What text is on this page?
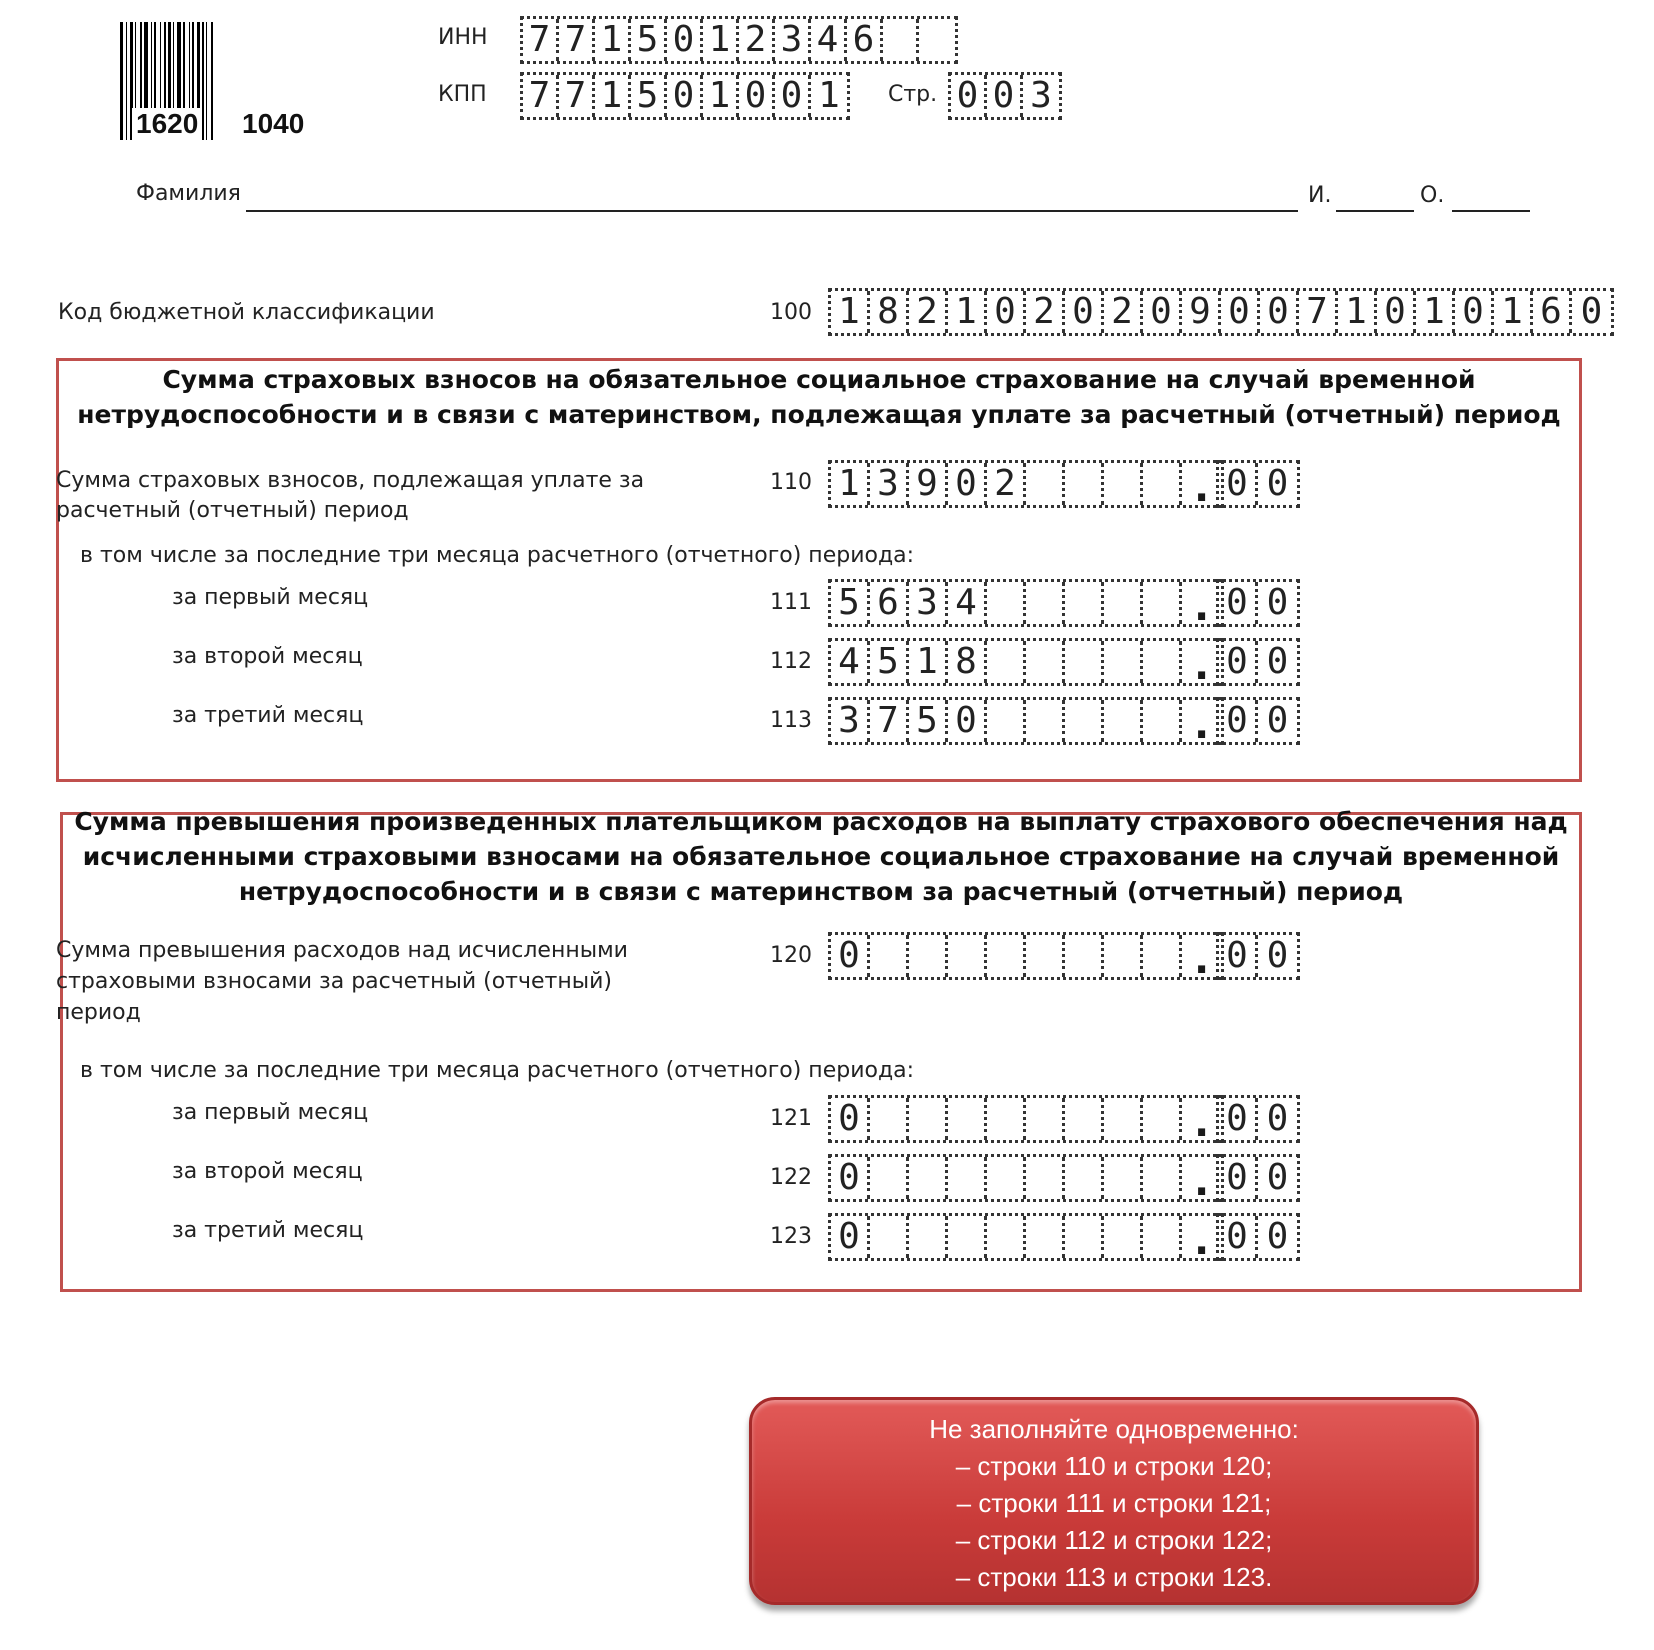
1620 1040
ИНН 7 7 1 5 0 1 2 3 4 6
КПП 7 7 1 5 0 1 0 0 1	Стр. 0 0 3
Фамилия	И.	О.
Код бюджетной классификации	100 1 8 2 1 0 2 0 2 0 9 0 0 7 1 0 1 0 1 6 0
Сумма страховых взносов на обязательное социальное страхование на случай временной
нетрудоспособности и в связи с материнством, подлежащая уплате за расчетный (отчетный) период
Сумма страховых взносов, подлежащая уплате за
расчетный (отчетный) период
110 1 3 9 0 2	. 0 0
в том числе за последние три месяца расчетного (отчетного) периода:
за первый месяц	111 5 6 3 4	. 0 0
за второй месяц	112 4 5 1 8	. 0 0
за третий месяц	113 3 7 5 0	. 0 0
Сумма превышения произведенных плательщиком расходов на выплату страхового обеспечения над
исчисленными страховыми взносами на обязательное социальное страхование на случай временной
нетрудоспособности и в связи с материнством за расчетный (отчетный) период
Сумма превышения расходов над исчисленными
страховыми взносами за расчетный (отчетный)
период
120 0	. 0 0
в том числе за последние три месяца расчетного (отчетного) периода:
за первый месяц	121 0	. 0 0
за второй месяц	122 0	. 0 0
за третий месяц	123 0	. 0 0
Не заполняйте одновременно:
– строки 110 и строки 120;
– строки 111 и строки 121;
– строки 112 и строки 122;
– строки 113 и строки 123.
